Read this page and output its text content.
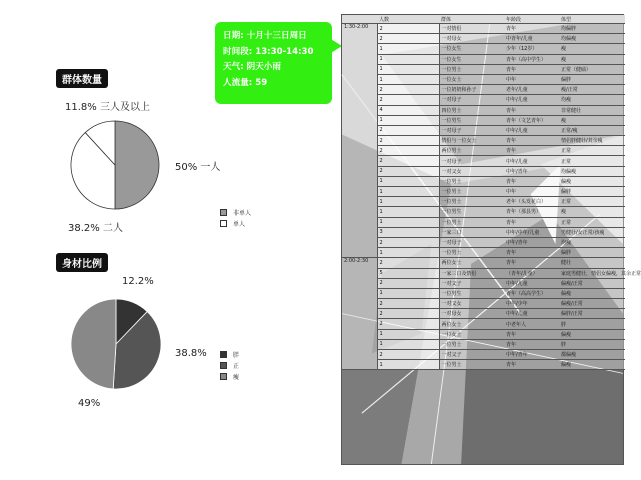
日期: 十月十三日周日
时间段: 13:30-14:30
天气: 阴天小雨
人流量: 59
群体数量
11.8% 三人及以上
50% 一人
38.2% 二人
非单人
单人
身材比例
12.2%
38.8%
49%
胖
正
瘦
	人数	群体	年龄段	体型
1:30-2:00	2	一对情侣	青年	均偏胖
	2	一对母女	中青年/儿童	均偏瘦
	1	一位女生	少年（12岁）	瘦
	1	一位女生	青年（高中学生）	瘦
	1	一位男士	青年	正常（健硕）
	1	一位女士	中年	偏胖
	2	一位奶奶和孙子	老年/儿童	瘦/正常
	2	一对母子	中年/儿童	均瘦
	4	四位男士	青年	非常健壮
	1	一位男生	青年（文艺青年）	瘦
	2	一对母子	中年/儿童	正常/瘦
	2	情侣与一位女士	青年	情侣胖健壮/其余瘦
	2	两位男士	青年	正常
	2	一对母子	中年/儿童	正常
	2	一对父女	中年/青年	均偏瘦
	1	一位男士	青年	偏瘦
	1	一位男士	中年	偏胖
	1	一位男士	老年（头发花白）	正常
	1	一位男生	青年（那县男）	瘦
	1	一位男士	青年	正常
	3	一家三口	中年/中年/儿童	男健壮/女正常/孩瘦
	2	一对母子	中年/青年	均瘦
	1	一位男士	青年	偏胖
2:00-2:30	2	两位女士	青年	健壮
	5	一家三口及情侣	（青年/儿童）	家庭男健壮，情侣女偏瘦，其余正常
	2	一对父子	中年/儿童	偏瘦/正常
	1	一位男生	青年（高高学生）	偏瘦
	2	一对父女	中年/少年	偏瘦/正常
	2	一对母女	中年/儿童	偏胖/正常
	2	两位女士	中老年人	胖
	1	一位女士	青年	偏瘦
	1	一位男士	青年	胖
	2	一对父子	中年/青年	都偏瘦
	1	一位男士	青年	偏瘦
